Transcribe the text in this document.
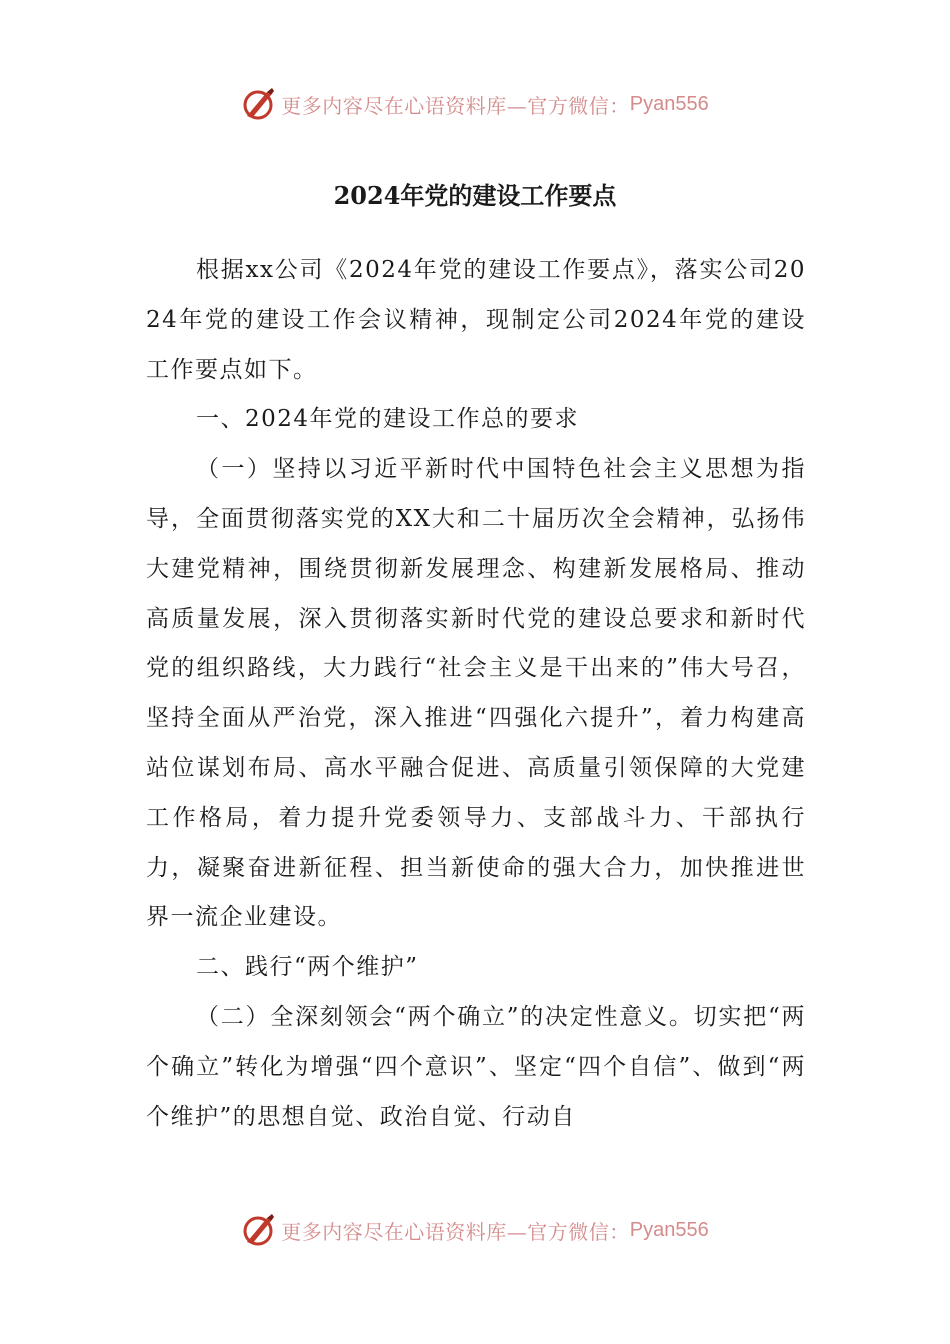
更多内容尽在心语资料库—官方微信： Pyan556
2024年党的建设工作要点

根据xx公司《2024年党的建设工作要点》，落实公司2024年党的建设工作会议精神，现制定公司2024年党的建设工作要点如下。

一、2024年党的建设工作总的要求

（一）坚持以习近平新时代中国特色社会主义思想为指导，全面贯彻落实党的XX大和二十届历次全会精神，弘扬伟大建党精神，围绕贯彻新发展理念、构建新发展格局、推动高质量发展，深入贯彻落实新时代党的建设总要求和新时代党的组织路线，大力践行“社会主义是干出来的”伟大号召，坚持全面从严治党，深入推进“四强化六提升”，着力构建高站位谋划布局、高水平融合促进、高质量引领保障的大党建工作格局，着力提升党委领导力、支部战斗力、干部执行力，凝聚奋进新征程、担当新使命的强大合力，加快推进世界一流企业建设。

二、践行“两个维护”

（二）全深刻领会“两个确立”的决定性意义。切实把“两个确立”转化为增强“四个意识”、坚定“四个自信”、做到“两个维护”的思想自觉、政治自觉、行动自

更多内容尽在心语资料库—官方微信： Pyan556
